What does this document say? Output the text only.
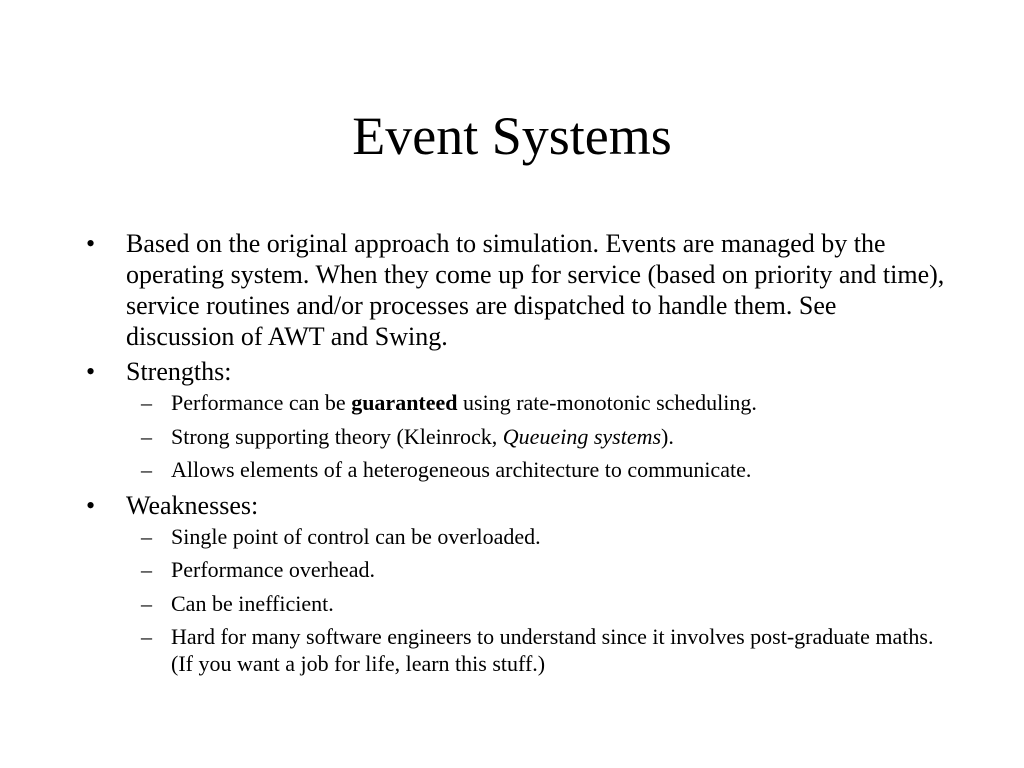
Event Systems
• Based on the original approach to simulation. Events are managed by the operating system. When they come up for service (based on priority and time), service routines and/or processes are dispatched to handle them. See discussion of AWT and Swing.
• Strengths:
– Performance can be guaranteed using rate-monotonic scheduling.
– Strong supporting theory (Kleinrock, Queueing systems).
– Allows elements of a heterogeneous architecture to communicate.
• Weaknesses:
– Single point of control can be overloaded.
– Performance overhead.
– Can be inefficient.
– Hard for many software engineers to understand since it involves post-graduate maths. (If you want a job for life, learn this stuff.)
